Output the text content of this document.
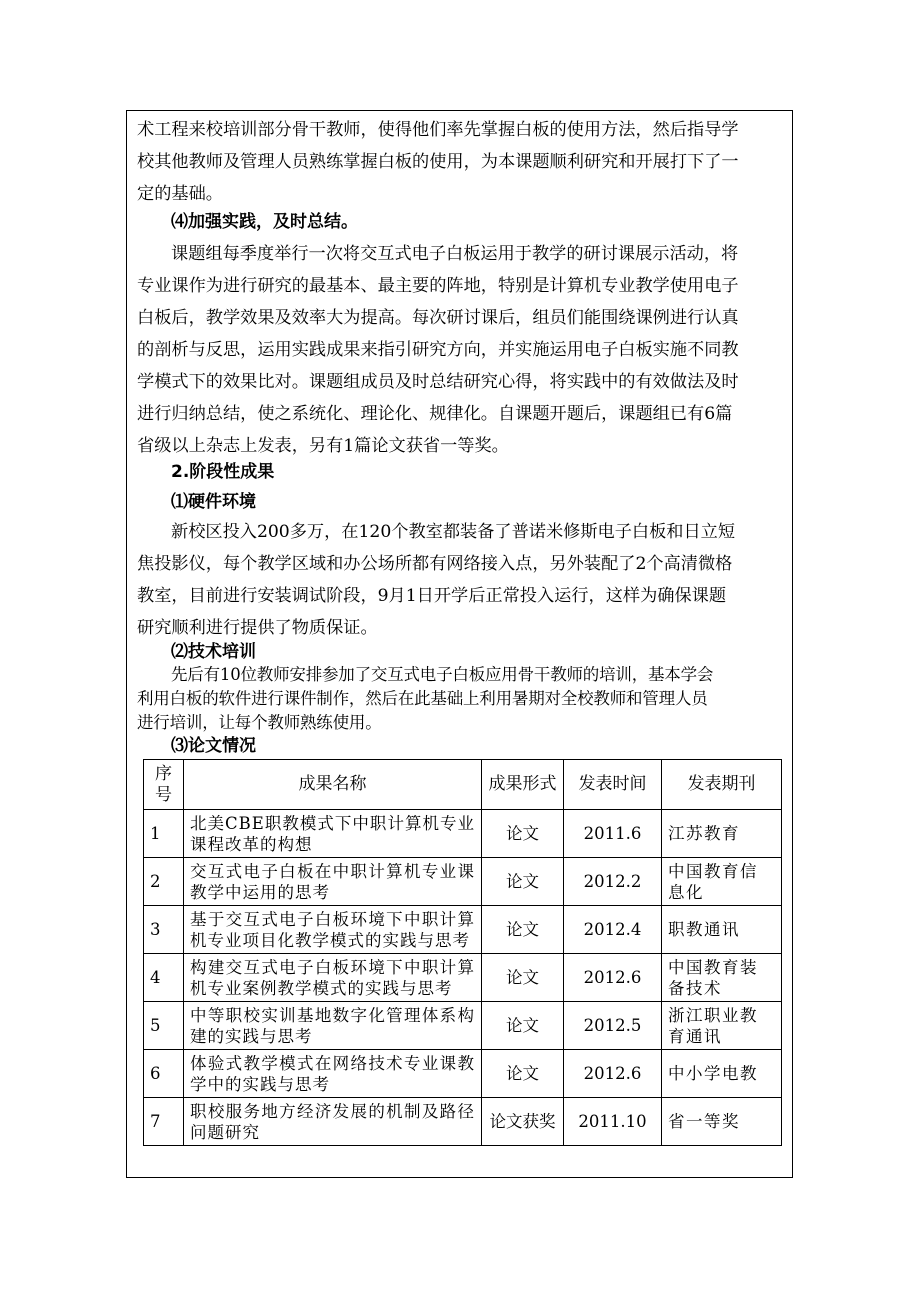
术工程来校培训部分骨干教师，使得他们率先掌握白板的使用方法，然后指导学
校其他教师及管理人员熟练掌握白板的使用，为本课题顺利研究和开展打下了一
定的基础。
⑷加强实践，及时总结。
课题组每季度举行一次将交互式电子白板运用于教学的研讨课展示活动，将
专业课作为进行研究的最基本、最主要的阵地，特别是计算机专业教学使用电子
白板后，教学效果及效率大为提高。每次研讨课后，组员们能围绕课例进行认真
的剖析与反思，运用实践成果来指引研究方向，并实施运用电子白板实施不同教
学模式下的效果比对。课题组成员及时总结研究心得，将实践中的有效做法及时
进行归纳总结，使之系统化、理论化、规律化。自课题开题后，课题组已有6篇
省级以上杂志上发表，另有1篇论文获省一等奖。
2.阶段性成果
⑴硬件环境
新校区投入200多万，在120个教室都装备了普诺米修斯电子白板和日立短
焦投影仪，每个教学区域和办公场所都有网络接入点，另外装配了2个高清微格
教室，目前进行安装调试阶段，9月1日开学后正常投入运行，这样为确保课题
研究顺利进行提供了物质保证。
⑵技术培训
先后有10位教师安排参加了交互式电子白板应用骨干教师的培训，基本学会
利用白板的软件进行课件制作，然后在此基础上利用暑期对全校教师和管理人员
进行培训，让每个教师熟练使用。
⑶论文情况
序号	成果名称	成果形式	发表时间	发表期刊
1	北美CBE职教模式下中职计算机专业课程改革的构想	论文	2011.6	江苏教育
2	交互式电子白板在中职计算机专业课教学中运用的思考	论文	2012.2	中国教育信息化
3	基于交互式电子白板环境下中职计算机专业项目化教学模式的实践与思考	论文	2012.4	职教通讯
4	构建交互式电子白板环境下中职计算机专业案例教学模式的实践与思考	论文	2012.6	中国教育装备技术
5	中等职校实训基地数字化管理体系构建的实践与思考	论文	2012.5	浙江职业教育通讯
6	体验式教学模式在网络技术专业课教学中的实践与思考	论文	2012.6	中小学电教
7	职校服务地方经济发展的机制及路径问题研究	论文获奖	2011.10	省一等奖
